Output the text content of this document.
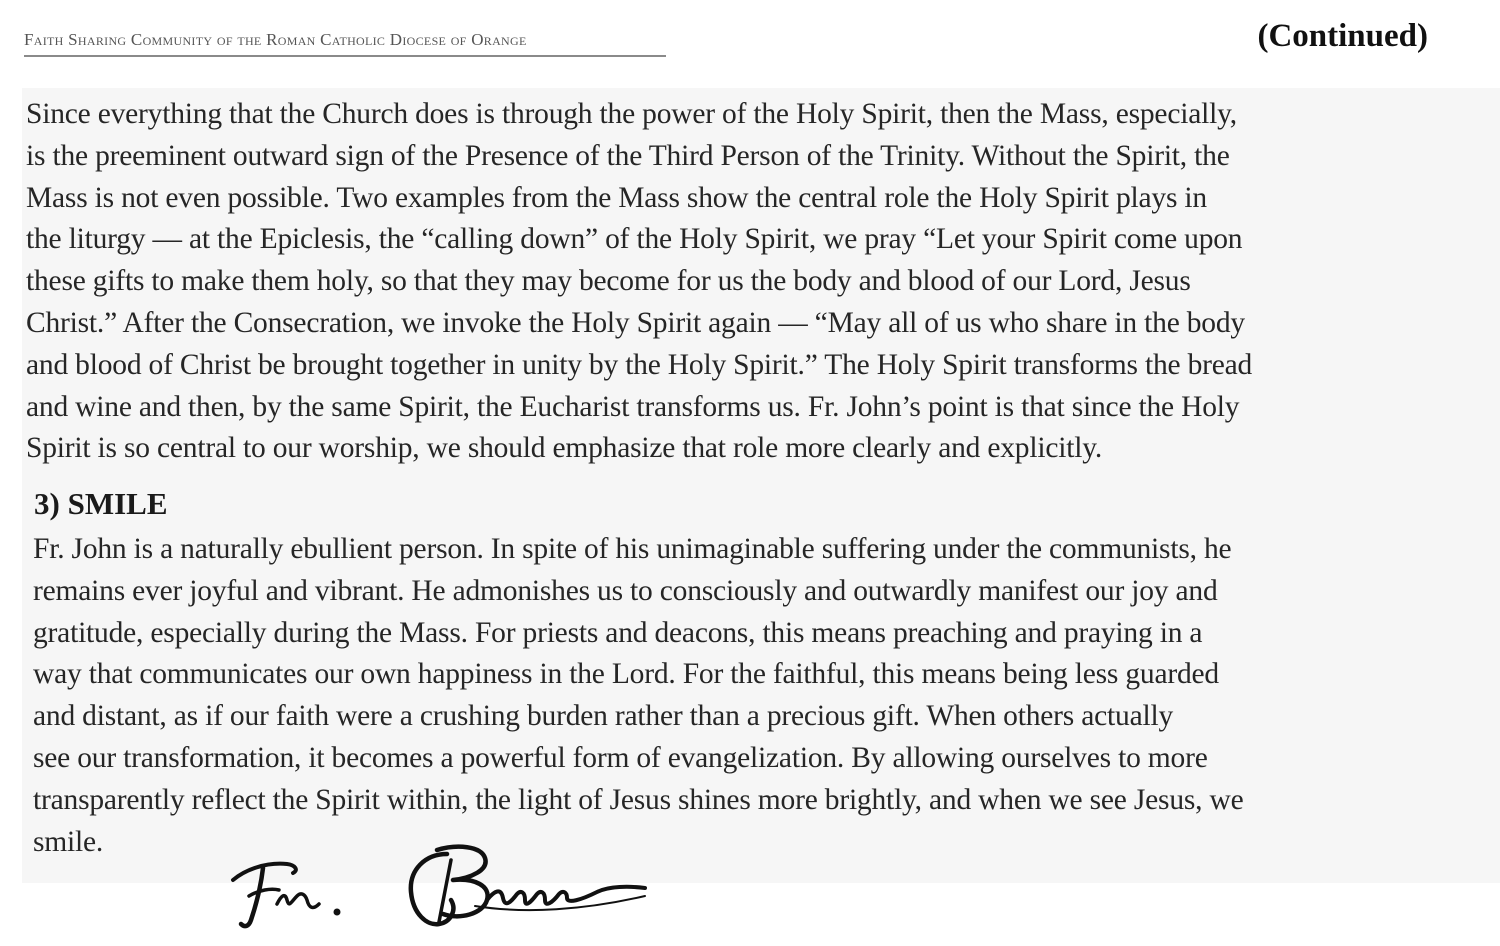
Faith Sharing Community of the Roman Catholic Diocese of Orange	(Continued)
Since everything that the Church does is through the power of the Holy Spirit, then the Mass, especially,
is the preeminent outward sign of the Presence of the Third Person of the Trinity. Without the Spirit, the
Mass is not even possible. Two examples from the Mass show the central role the Holy Spirit plays in
the liturgy — at the Epiclesis, the “calling down” of the Holy Spirit, we pray “Let your Spirit come upon
these gifts to make them holy, so that they may become for us the body and blood of our Lord, Jesus
Christ.” After the Consecration, we invoke the Holy Spirit again — “May all of us who share in the body
and blood of Christ be brought together in unity by the Holy Spirit.” The Holy Spirit transforms the bread
and wine and then, by the same Spirit, the Eucharist transforms us. Fr. John’s point is that since the Holy
Spirit is so central to our worship, we should emphasize that role more clearly and explicitly.
3) SMILE
Fr. John is a naturally ebullient person. In spite of his unimaginable suffering under the communists, he
remains ever joyful and vibrant. He admonishes us to consciously and outwardly manifest our joy and
gratitude, especially during the Mass. For priests and deacons, this means preaching and praying in a
way that communicates our own happiness in the Lord. For the faithful, this means being less guarded
and distant, as if our faith were a crushing burden rather than a precious gift. When others actually
see our transformation, it becomes a powerful form of evangelization. By allowing ourselves to more
transparently reflect the Spirit within, the light of Jesus shines more brightly, and when we see Jesus, we
smile.
